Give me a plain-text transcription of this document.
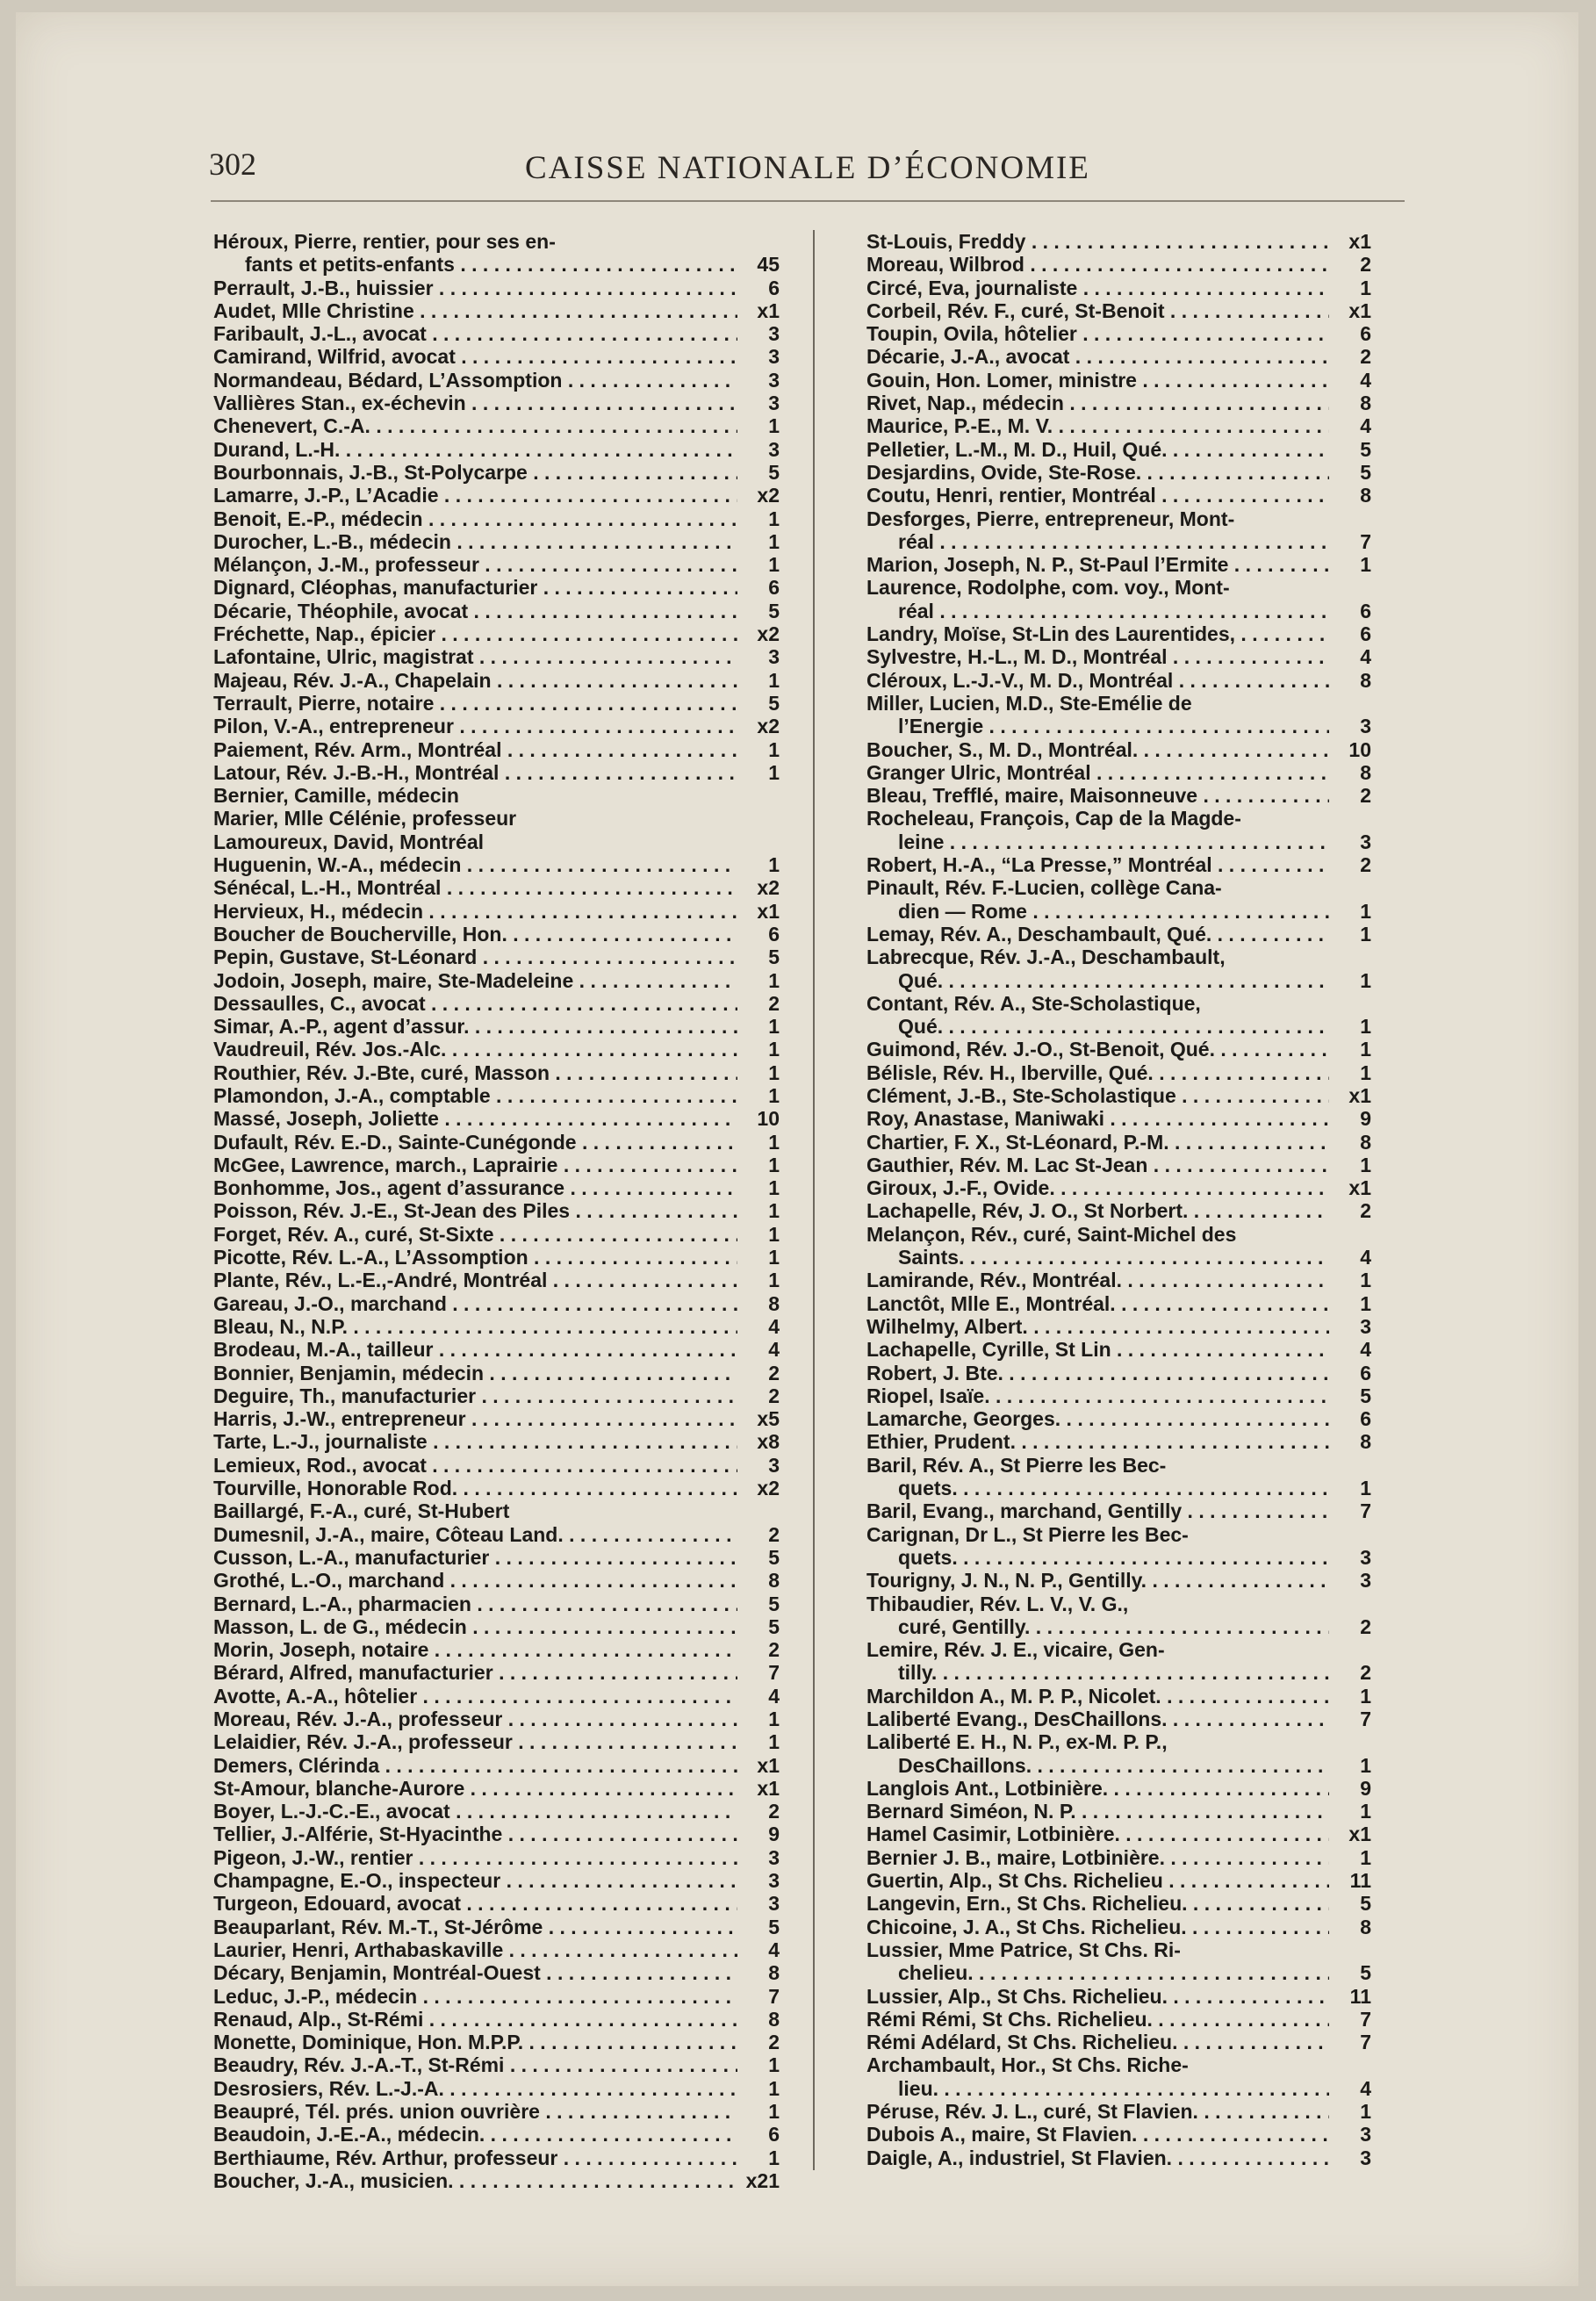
302	CAISSE NATIONALE D’ÉCONOMIE
Héroux, Pierre, rentier, pour ses en-
fants et petits-enfants . . .	45
Perrault, J.-B., huissier . . .	6
Audet, Mlle Christine . . .	x1
Faribault, J.-L., avocat . . .	3
Camirand, Wilfrid, avocat . . .	3
Normandeau, Bédard, L’Assomption . . .	3
Vallières Stan., ex-échevin . . .	3
Chenevert, C.-A. . . .	1
Durand, L.-H. . . .	3
Bourbonnais, J.-B., St-Polycarpe . . .	5
Lamarre, J.-P., L’Acadie . . .	x2
Benoit, E.-P., médecin . . .	1
Durocher, L.-B., médecin . . .	1
Mélançon, J.-M., professeur . . .	1
Dignard, Cléophas, manufacturier . . .	6
Décarie, Théophile, avocat . . .	5
Fréchette, Nap., épicier . . .	x2
Lafontaine, Ulric, magistrat . . .	3
Majeau, Rév. J.-A., Chapelain . . .	1
Terrault, Pierre, notaire . . .	5
Pilon, V.-A., entrepreneur . . .	x2
Paiement, Rév. Arm., Montréal . . .	1
Latour, Rév. J.-B.-H., Montréal . . .	1
Bernier, Camille, médecin
Marier, Mlle Célénie, professeur
Lamoureux, David, Montréal
Huguenin, W.-A., médecin . . .	1
Sénécal, L.-H., Montréal . . .	x2
Hervieux, H., médecin . . .	x1
Boucher de Boucherville, Hon. . . .	6
Pepin, Gustave, St-Léonard . . .	5
Jodoin, Joseph, maire, Ste-Madeleine . . .	1
Dessaulles, C., avocat . . .	2
Simar, A.-P., agent d’assur. . . .	1
Vaudreuil, Rév. Jos.-Alc. . . .	1
Routhier, Rév. J.-Bte, curé, Masson . . .	1
Plamondon, J.-A., comptable . . .	1
Massé, Joseph, Joliette . . .	10
Dufault, Rév. E.-D., Sainte-Cunégonde . . .	1
McGee, Lawrence, march., Laprairie . . .	1
Bonhomme, Jos., agent d’assurance . . .	1
Poisson, Rév. J.-E., St-Jean des Piles . . .	1
Forget, Rév. A., curé, St-Sixte . . .	1
Picotte, Rév. L.-A., L’Assomption . . .	1
Plante, Rév., L.-E.,-André, Montréal . . .	1
Gareau, J.-O., marchand . . .	8
Bleau, N., N.P. . . .	4
Brodeau, M.-A., tailleur . . .	4
Bonnier, Benjamin, médecin . . .	2
Deguire, Th., manufacturier . . .	2
Harris, J.-W., entrepreneur . . .	x5
Tarte, L.-J., journaliste . . .	x8
Lemieux, Rod., avocat . . .	3
Tourville, Honorable Rod. . . .	x2
Baillargé, F.-A., curé, St-Hubert
Dumesnil, J.-A., maire, Côteau Land. . . .	2
Cusson, L.-A., manufacturier . . .	5
Grothé, L.-O., marchand . . .	8
Bernard, L.-A., pharmacien . . .	5
Masson, L. de G., médecin . . .	5
Morin, Joseph, notaire . . .	2
Bérard, Alfred, manufacturier . . .	7
Avotte, A.-A., hôtelier . . .	4
Moreau, Rév. J.-A., professeur . . .	1
Lelaidier, Rév. J.-A., professeur . . .	1
Demers, Clérinda . . .	x1
St-Amour, blanche-Aurore . . .	x1
Boyer, L.-J.-C.-E., avocat . . .	2
Tellier, J.-Alférie, St-Hyacinthe . . .	9
Pigeon, J.-W., rentier . . .	3
Champagne, E.-O., inspecteur . . .	3
Turgeon, Edouard, avocat . . .	3
Beauparlant, Rév. M.-T., St-Jérôme . . .	5
Laurier, Henri, Arthabaskaville . . .	4
Décary, Benjamin, Montréal-Ouest . . .	8
Leduc, J.-P., médecin . . .	7
Renaud, Alp., St-Rémi . . .	8
Monette, Dominique, Hon. M.P.P. . . .	2
Beaudry, Rév. J.-A.-T., St-Rémi . . .	1
Desrosiers, Rév. L.-J.-A. . . .	1
Beaupré, Tél. prés. union ouvrière . . .	1
Beaudoin, J.-E.-A., médecin. . . .	6
Berthiaume, Rév. Arthur, professeur . . .	1
Boucher, J.-A., musicien. . . .	x21
St-Louis, Freddy . . .	x1
Moreau, Wilbrod . . .	2
Circé, Eva, journaliste . . .	1
Corbeil, Rév. F., curé, St-Benoit . . .	x1
Toupin, Ovila, hôtelier . . .	6
Décarie, J.-A., avocat . . .	2
Gouin, Hon. Lomer, ministre . . .	4
Rivet, Nap., médecin . . .	8
Maurice, P.-E., M. V. . . .	4
Pelletier, L.-M., M. D., Huil, Qué. . . .	5
Desjardins, Ovide, Ste-Rose. . . .	5
Coutu, Henri, rentier, Montréal . . .	8
Desforges, Pierre, entrepreneur, Mont-
réal . . .	7
Marion, Joseph, N. P., St-Paul l’Ermite . . .	1
Laurence, Rodolphe, com. voy., Mont-
réal . . .	6
Landry, Moïse, St-Lin des Laurentides, . . .	6
Sylvestre, H.-L., M. D., Montréal . . .	4
Cléroux, L.-J.-V., M. D., Montréal . . .	8
Miller, Lucien, M.D., Ste-Emélie de
l’Energie . . .	3
Boucher, S., M. D., Montréal. . . .	10
Granger Ulric, Montréal . . .	8
Bleau, Trefflé, maire, Maisonneuve . . .	2
Rocheleau, François, Cap de la Magde-
leine . . .	3
Robert, H.-A., “La Presse,” Montréal . . .	2
Pinault, Rév. F.-Lucien, collège Cana-
dien — Rome . . .	1
Lemay, Rév. A., Deschambault, Qué. . . .	1
Labrecque, Rév. J.-A., Deschambault,
Qué. . . .	1
Contant, Rév. A., Ste-Scholastique,
Qué. . . .	1
Guimond, Rév. J.-O., St-Benoit, Qué. . . .	1
Bélisle, Rév. H., Iberville, Qué. . . .	1
Clément, J.-B., Ste-Scholastique . . .	x1
Roy, Anastase, Maniwaki . . .	9
Chartier, F. X., St-Léonard, P.-M. . . .	8
Gauthier, Rév. M. Lac St-Jean . . .	1
Giroux, J.-F., Ovide. . . .	x1
Lachapelle, Rév, J. O., St Norbert. . . .	2
Melançon, Rév., curé, Saint-Michel des
Saints. . . .	4
Lamirande, Rév., Montréal. . . .	1
Lanctôt, Mlle E., Montréal. . . .	1
Wilhelmy, Albert. . . .	3
Lachapelle, Cyrille, St Lin . . .	4
Robert, J. Bte. . . .	6
Riopel, Isaïe. . . .	5
Lamarche, Georges. . . .	6
Ethier, Prudent. . . .	8
Baril, Rév. A., St Pierre les Bec-
quets. . . .	1
Baril, Evang., marchand, Gentilly . . .	7
Carignan, Dr L., St Pierre les Bec-
quets. . . .	3
Tourigny, J. N., N. P., Gentilly. . . .	3
Thibaudier, Rév. L. V., V. G.,
curé, Gentilly. . . .	2
Lemire, Rév. J. E., vicaire, Gen-
tilly. . . .	2
Marchildon A., M. P. P., Nicolet. . . .	1
Laliberté Evang., DesChaillons. . . .	7
Laliberté E. H., N. P., ex-M. P. P.,
DesChaillons. . . .	1
Langlois Ant., Lotbinière. . . .	9
Bernard Siméon, N. P. . . .	1
Hamel Casimir, Lotbinière. . . .	x1
Bernier J. B., maire, Lotbinière. . . .	1
Guertin, Alp., St Chs. Richelieu . . .	11
Langevin, Ern., St Chs. Richelieu. . . .	5
Chicoine, J. A., St Chs. Richelieu. . . .	8
Lussier, Mme Patrice, St Chs. Ri-
chelieu. . . .	5
Lussier, Alp., St Chs. Richelieu. . . .	11
Rémi Rémi, St Chs. Richelieu. . . .	7
Rémi Adélard, St Chs. Richelieu. . . .	7
Archambault, Hor., St Chs. Riche-
lieu. . . .	4
Péruse, Rév. J. L., curé, St Flavien. . . .	1
Dubois A., maire, St Flavien. . . .	3
Daigle, A., industriel, St Flavien. . . .	3
